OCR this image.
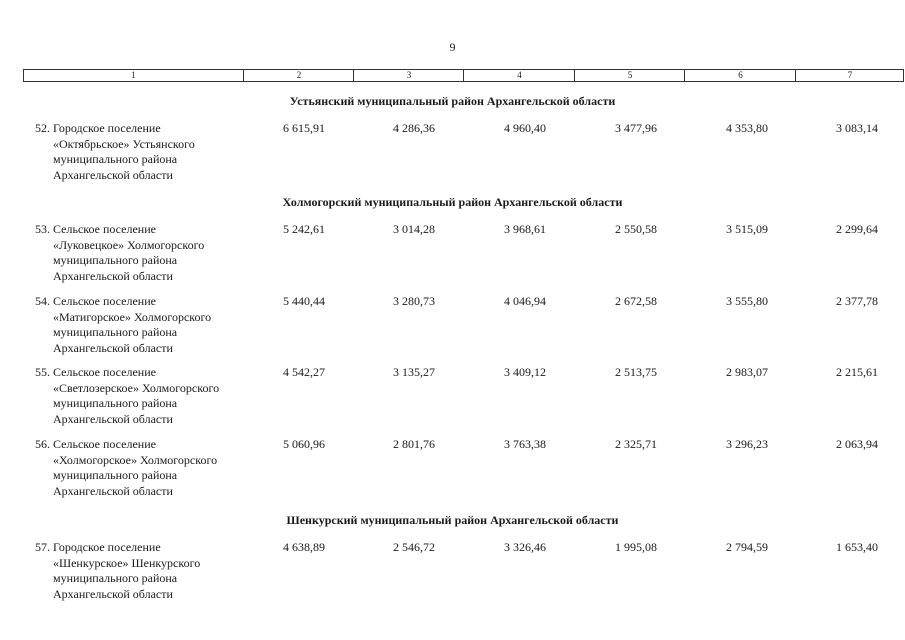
9
1	2	3	4	5	6	7
Устьянский муниципальный район Архангельской области
52. Городское поселение
«Октябрьское» Устьянского
муниципального района
Архангельской области
6 615,91	4 286,36	4 960,40	3 477,96	4 353,80	3 083,14
Холмогорский муниципальный район Архангельской области
53. Сельское поселение
«Луковецкое» Холмогорского
муниципального района
Архангельской области
5 242,61	3 014,28	3 968,61	2 550,58	3 515,09	2 299,64
54. Сельское поселение
«Матигорское» Холмогорского
муниципального района
Архангельской области
5 440,44	3 280,73	4 046,94	2 672,58	3 555,80	2 377,78
55. Сельское поселение
«Светлозерское» Холмогорского
муниципального района
Архангельской области
4 542,27	3 135,27	3 409,12	2 513,75	2 983,07	2 215,61
56. Сельское поселение
«Холмогорское» Холмогорского
муниципального района
Архангельской области
5 060,96	2 801,76	3 763,38	2 325,71	3 296,23	2 063,94
Шенкурский муниципальный район Архангельской области
57. Городское поселение
«Шенкурское» Шенкурского
муниципального района
Архангельской области
4 638,89	2 546,72	3 326,46	1 995,08	2 794,59	1 653,40
